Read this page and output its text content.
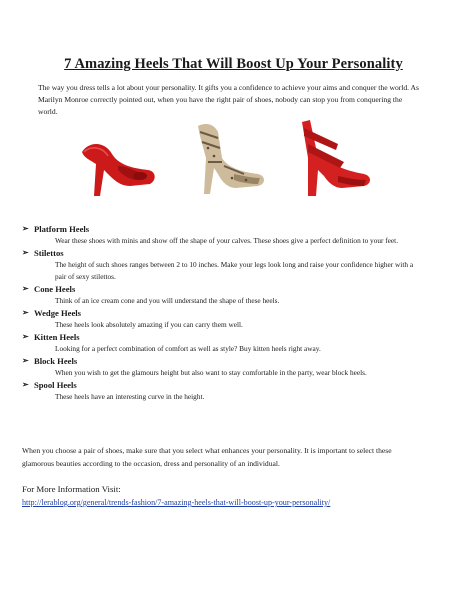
7 Amazing Heels That Will Boost Up Your Personality
The way you dress tells a lot about your personality. It gifts you a confidence to achieve your aims and conquer the world. As Marilyn Monroe correctly pointed out, when you have the right pair of shoes, nobody can stop you from conquering the world.
➢ Platform Heels
Wear these shoes with minis and show off the shape of your calves. These shoes give a perfect definition to your feet.
➢ Stilettos
The height of such shoes ranges between 2 to 10 inches. Make your legs look long and raise your confidence higher with a pair of sexy stilettos.
➢ Cone Heels
Think of an ice cream cone and you will understand the shape of these heels.
➢ Wedge Heels
These heels look absolutely amazing if you can carry them well.
➢ Kitten Heels
Looking for a perfect combination of comfort as well as style? Buy kitten heels right away.
➢ Block Heels
When you wish to get the glamours height but also want to stay comfortable in the party, wear block heels.
➢ Spool Heels
These heels have an interesting curve in the height.
When you choose a pair of shoes, make sure that you select what enhances your personality. It is important to select these glamorous beauties according to the occasion, dress and personality of an individual.
For More Information Visit:
http://lerablog.org/general/trends-fashion/7-amazing-heels-that-will-boost-up-your-personality/
